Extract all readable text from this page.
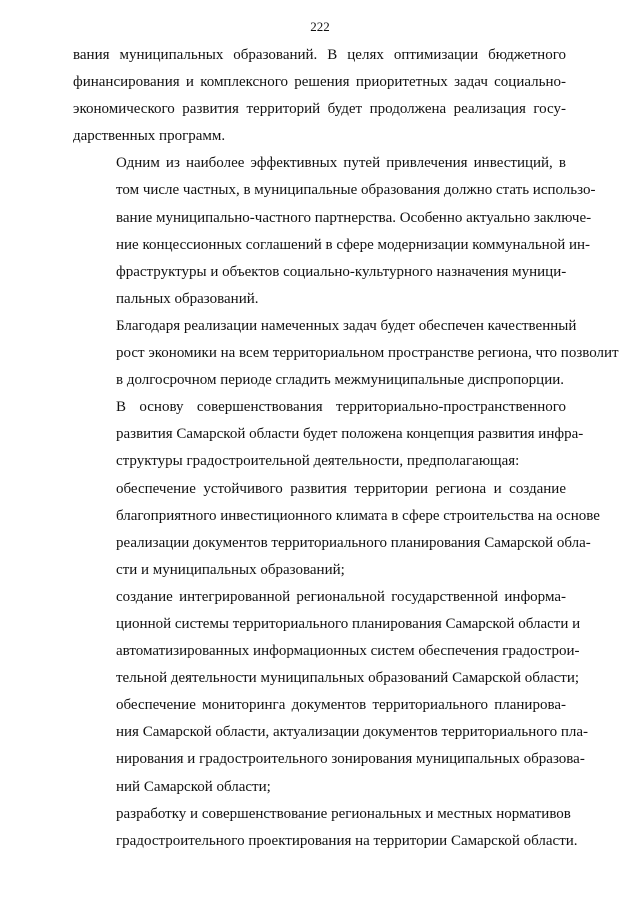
222

вания муниципальных образований. В целях оптимизации бюджетного
финансирования и комплексного решения приоритетных задач социально-
экономического развития территорий будет продолжена реализация госу-
дарственных программ.

Одним из наиболее эффективных путей привлечения инвестиций, в
том числе частных, в муниципальные образования должно стать использо-
вание муниципально-частного партнерства. Особенно актуально заключе-
ние концессионных соглашений в сфере модернизации коммунальной ин-
фраструктуры и объектов социально-культурного назначения муници-
пальных образований.

Благодаря реализации намеченных задач будет обеспечен качественный
рост экономики на всем территориальном пространстве региона, что позволит
в долгосрочном периоде сгладить межмуниципальные диспропорции.

В основу совершенствования территориально-пространственного
развития Самарской области будет положена концепция развития инфра-
структуры градостроительной деятельности, предполагающая:

обеспечение устойчивого развития территории региона и создание
благоприятного инвестиционного климата в сфере строительства на основе
реализации документов территориального планирования Самарской обла-
сти и муниципальных образований;

создание интегрированной региональной государственной информа-
ционной системы территориального планирования Самарской области и
автоматизированных информационных систем обеспечения градострои-
тельной деятельности муниципальных образований Самарской области;

обеспечение мониторинга документов территориального планирова-
ния Самарской области, актуализации документов территориального пла-
нирования и градостроительного зонирования муниципальных образова-
ний Самарской области;

разработку и совершенствование региональных и местных нормативов
градостроительного проектирования на территории Самарской области.
